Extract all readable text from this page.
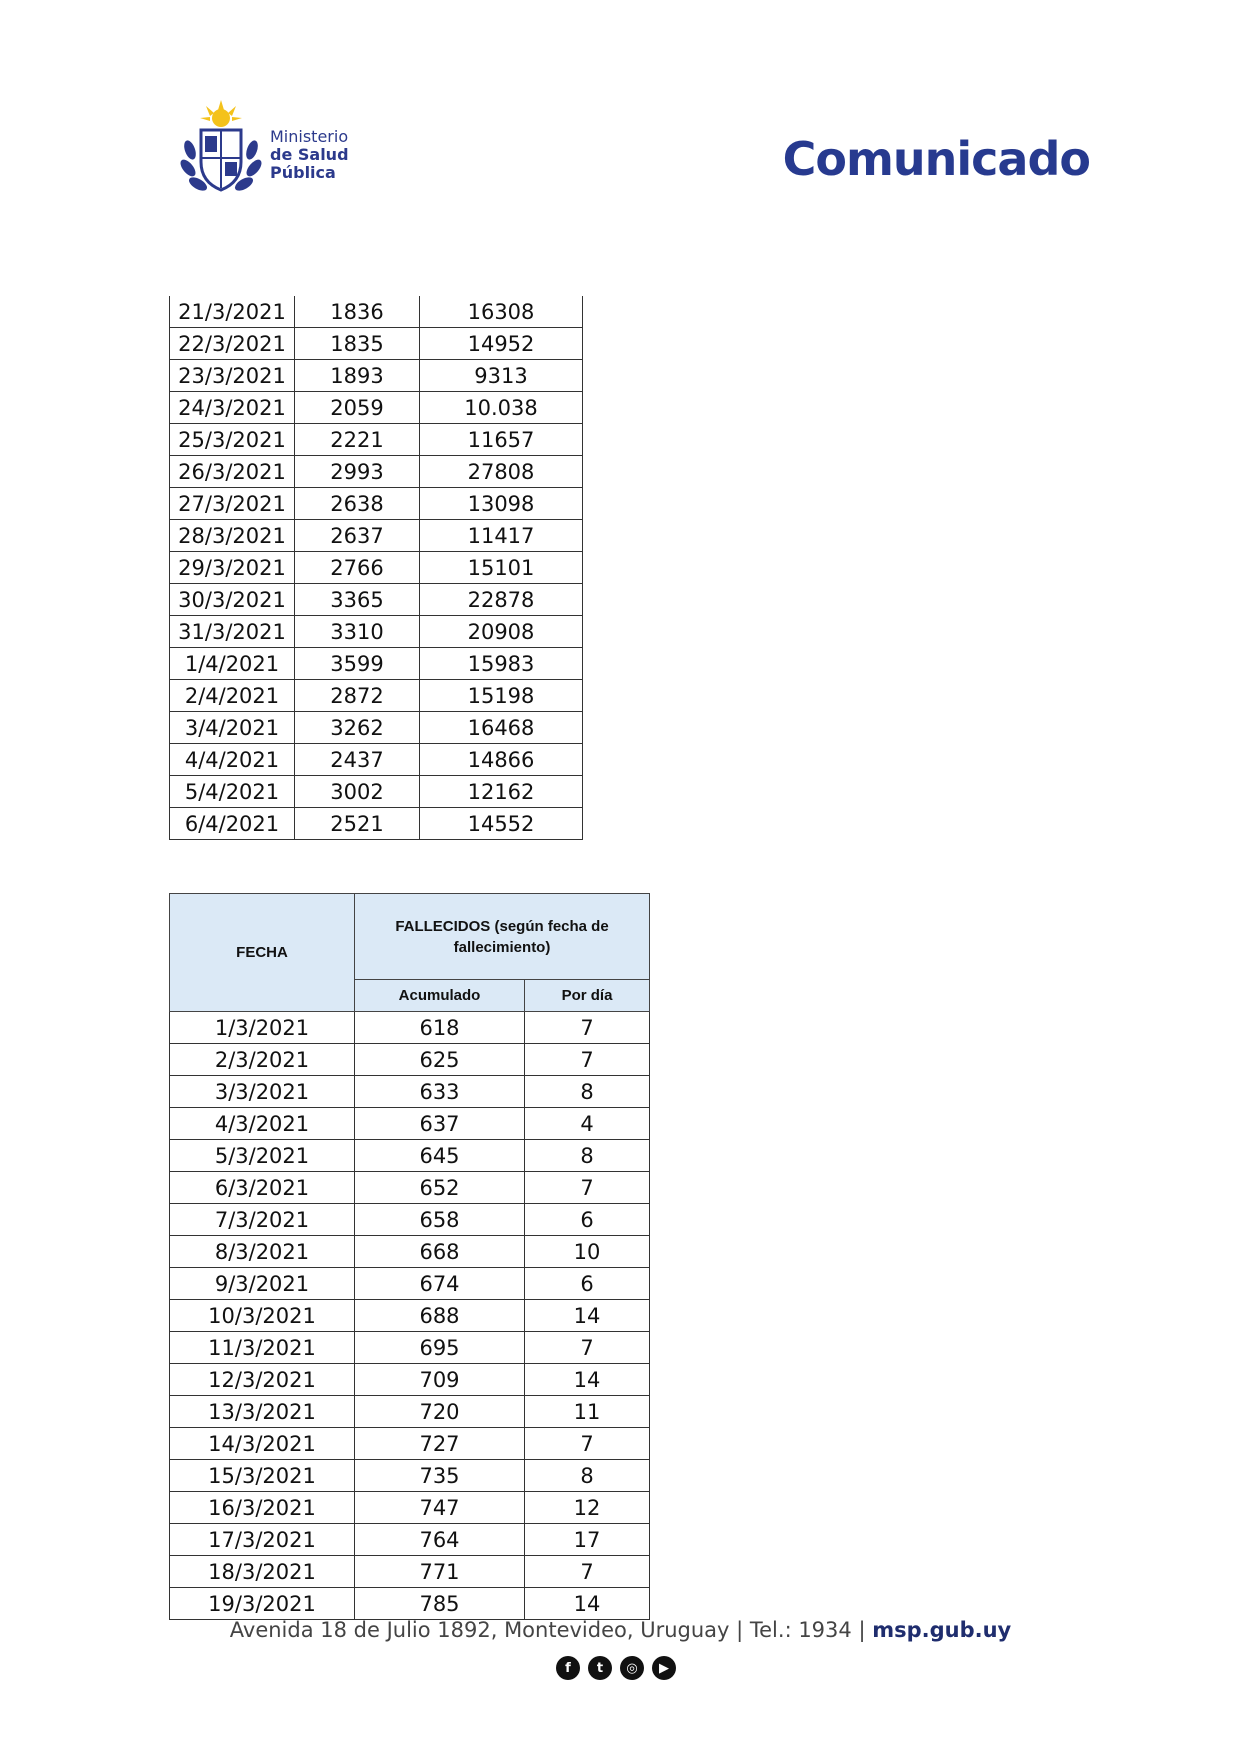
Ministerio
de Salud
Pública	Comunicado
21/3/2021	1836	16308
22/3/2021	1835	14952
23/3/2021	1893	9313
24/3/2021	2059	10.038
25/3/2021	2221	11657
26/3/2021	2993	27808
27/3/2021	2638	13098
28/3/2021	2637	11417
29/3/2021	2766	15101
30/3/2021	3365	22878
31/3/2021	3310	20908
1/4/2021	3599	15983
2/4/2021	2872	15198
3/4/2021	3262	16468
4/4/2021	2437	14866
5/4/2021	3002	12162
6/4/2021	2521	14552
FECHA	FALLECIDOS (según fecha de fallecimiento)	
	Acumulado	Por día
1/3/2021	618	7
2/3/2021	625	7
3/3/2021	633	8
4/3/2021	637	4
5/3/2021	645	8
6/3/2021	652	7
7/3/2021	658	6
8/3/2021	668	10
9/3/2021	674	6
10/3/2021	688	14
11/3/2021	695	7
12/3/2021	709	14
13/3/2021	720	11
14/3/2021	727	7
15/3/2021	735	8
16/3/2021	747	12
17/3/2021	764	17
18/3/2021	771	7
19/3/2021	785	14
Avenida 18 de Julio 1892, Montevideo, Uruguay | Tel.: 1934 | msp.gub.uy
f	t	◎	▶
